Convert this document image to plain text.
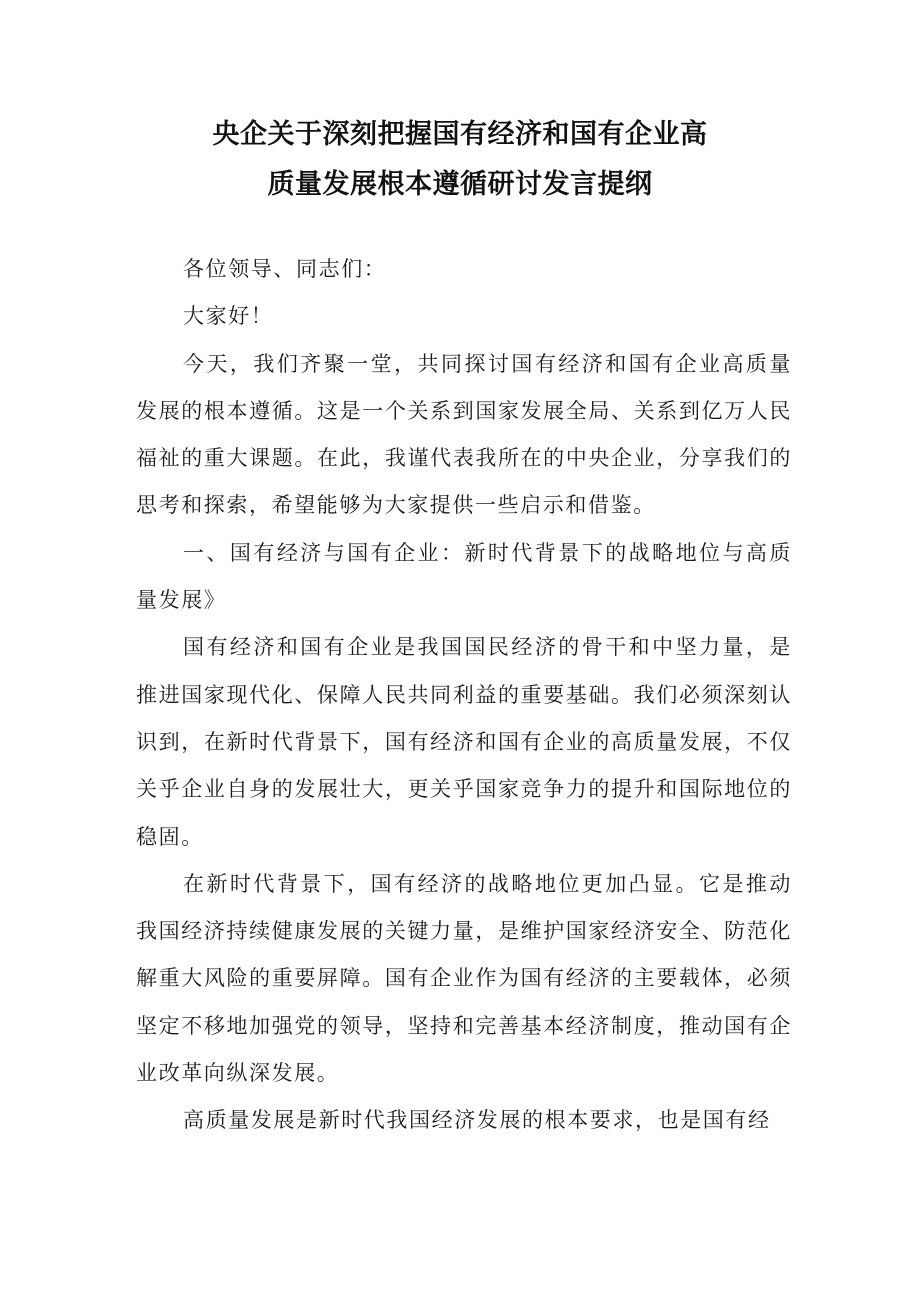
央企关于深刻把握国有经济和国有企业高
质量发展根本遵循研讨发言提纲

各位领导、同志们：

大家好！

今天，我们齐聚一堂，共同探讨国有经济和国有企业高质量发展的根本遵循。这是一个关系到国家发展全局、关系到亿万人民福祉的重大课题。在此，我谨代表我所在的中央企业，分享我们的思考和探索，希望能够为大家提供一些启示和借鉴。

一、国有经济与国有企业：新时代背景下的战略地位与高质量发展》

国有经济和国有企业是我国国民经济的骨干和中坚力量，是推进国家现代化、保障人民共同利益的重要基础。我们必须深刻认识到，在新时代背景下，国有经济和国有企业的高质量发展，不仅关乎企业自身的发展壮大，更关乎国家竞争力的提升和国际地位的稳固。

在新时代背景下，国有经济的战略地位更加凸显。它是推动我国经济持续健康发展的关键力量，是维护国家经济安全、防范化解重大风险的重要屏障。国有企业作为国有经济的主要载体，必须坚定不移地加强党的领导，坚持和完善基本经济制度，推动国有企业改革向纵深发展。

高质量发展是新时代我国经济发展的根本要求，也是国有经
